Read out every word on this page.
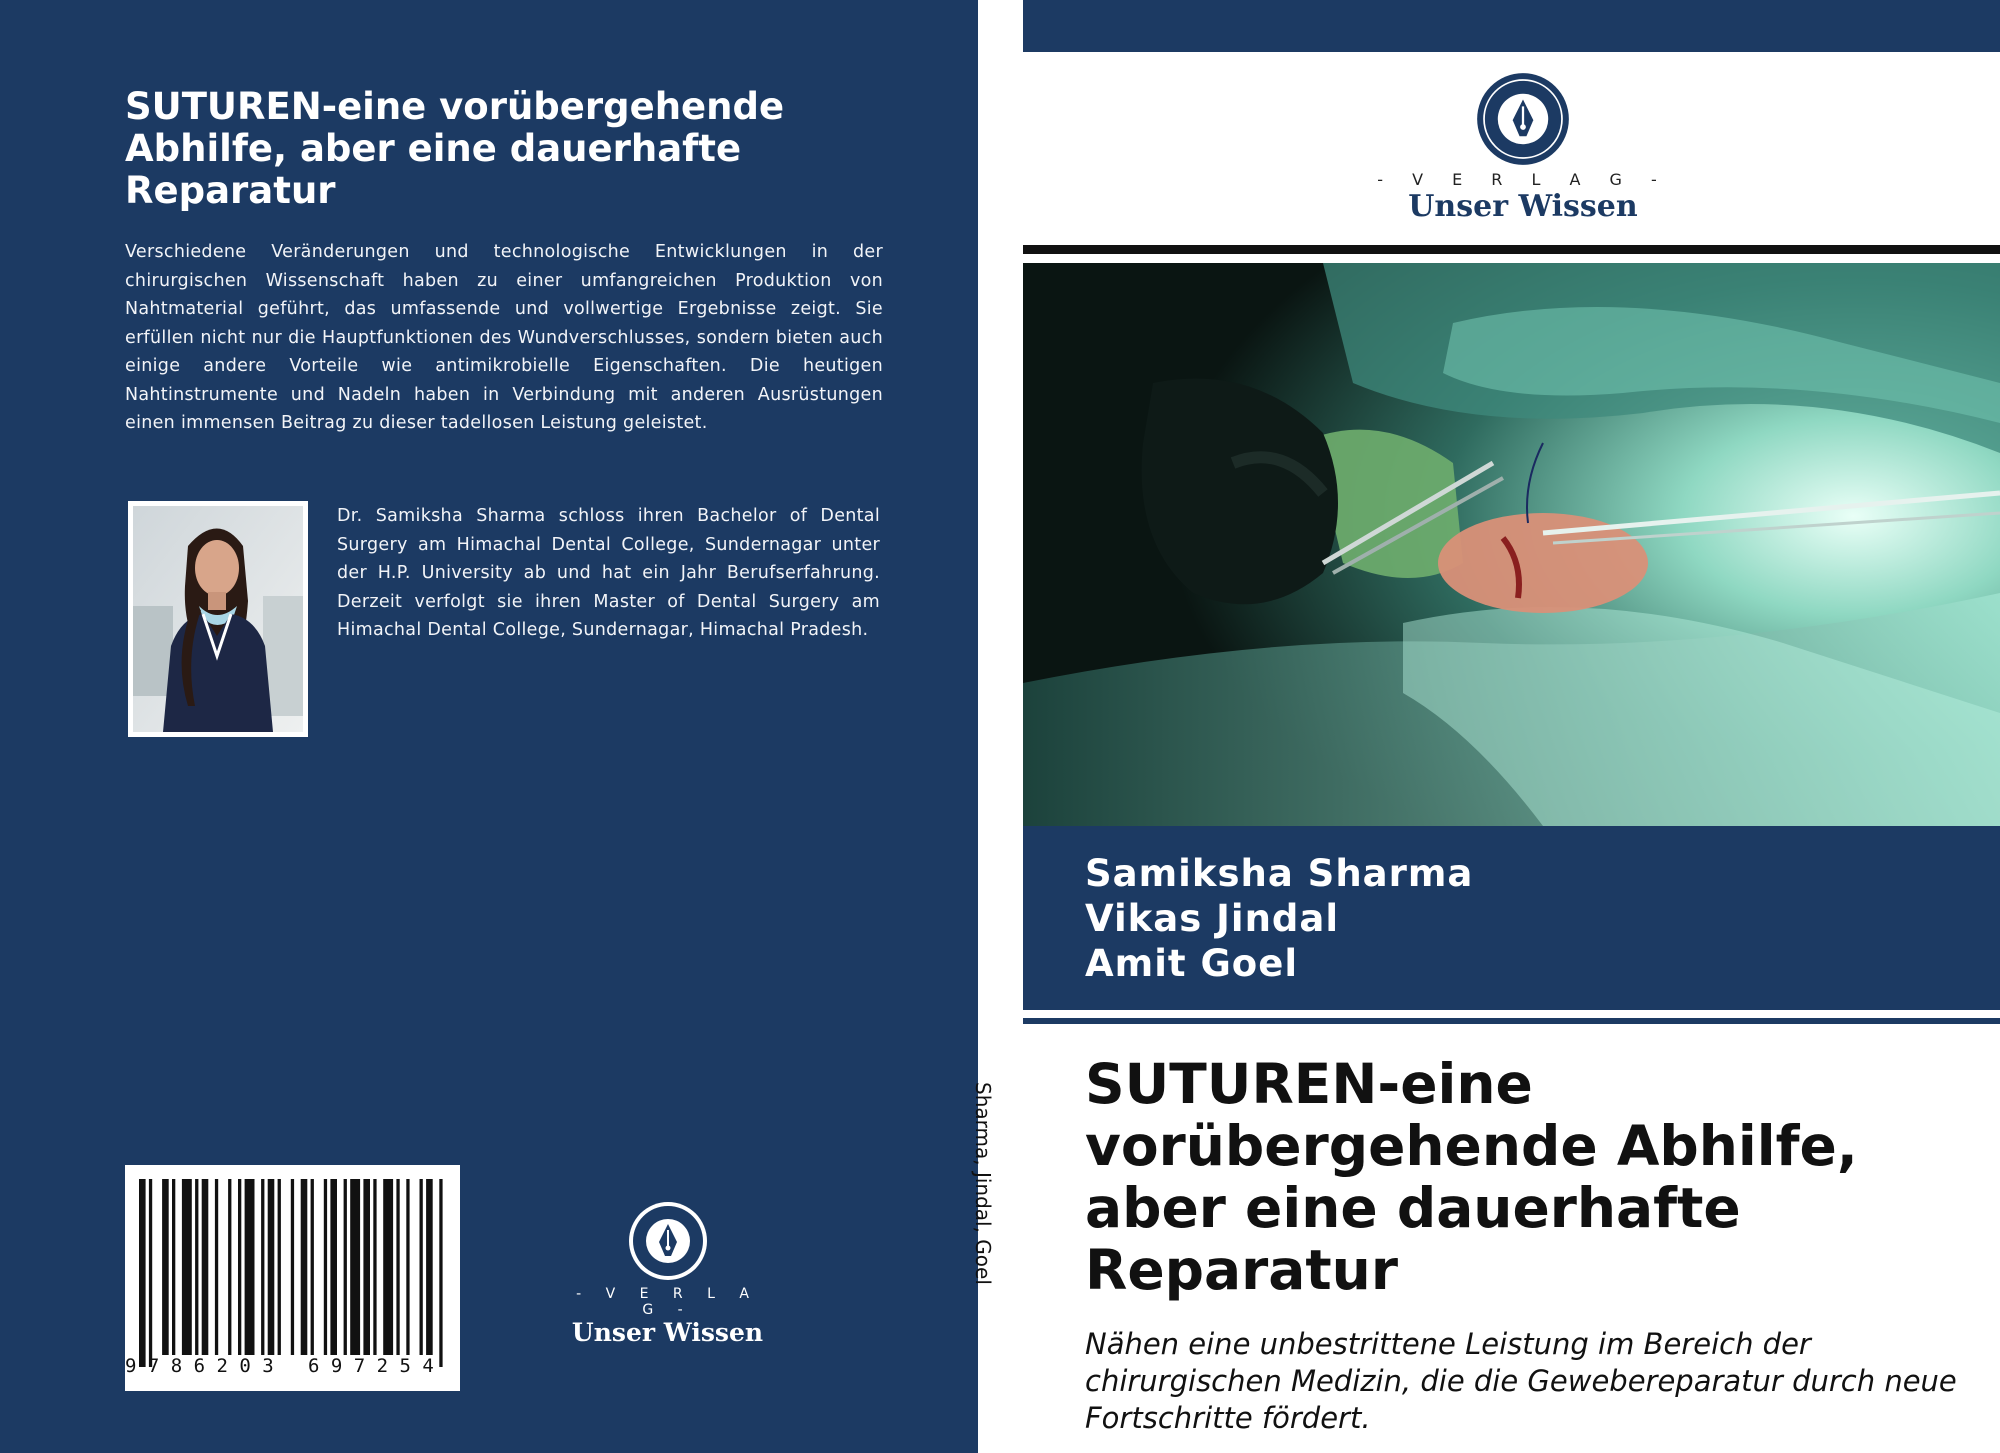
SUTUREN-eine vorübergehende Abhilfe, aber eine dauerhafte Reparatur

Verschiedene Veränderungen und technologische Entwicklungen in der chirurgischen Wissenschaft haben zu einer umfangreichen Produktion von Nahtmaterial geführt, das umfassende und vollwertige Ergebnisse zeigt. Sie erfüllen nicht nur die Hauptfunktionen des Wundverschlusses, sondern bieten auch einige andere Vorteile wie antimikrobielle Eigenschaften. Die heutigen Nahtinstrumente und Nadeln haben in Verbindung mit anderen Ausrüstungen einen immensen Beitrag zu dieser tadellosen Leistung geleistet.

Dr. Samiksha Sharma schloss ihren Bachelor of Dental Surgery am Himachal Dental College, Sundernagar unter der H.P. University ab und hat ein Jahr Berufserfahrung. Derzeit verfolgt sie ihren Master of Dental Surgery am Himachal Dental College, Sundernagar, Himachal Pradesh.

9 7 8 6 2 0 3   6 9 7 2 5 4
- V E R L A G -
Unser Wissen
Sharma, Jindal, Goel
- V E R L A G -
Unser Wissen
Samiksha Sharma
Vikas Jindal
Amit Goel
SUTUREN-eine vorübergehende Abhilfe, aber eine dauerhafte Reparatur

Nähen eine unbestrittene Leistung im Bereich der chirurgischen Medizin, die die Gewebereparatur durch neue Fortschritte fördert.
